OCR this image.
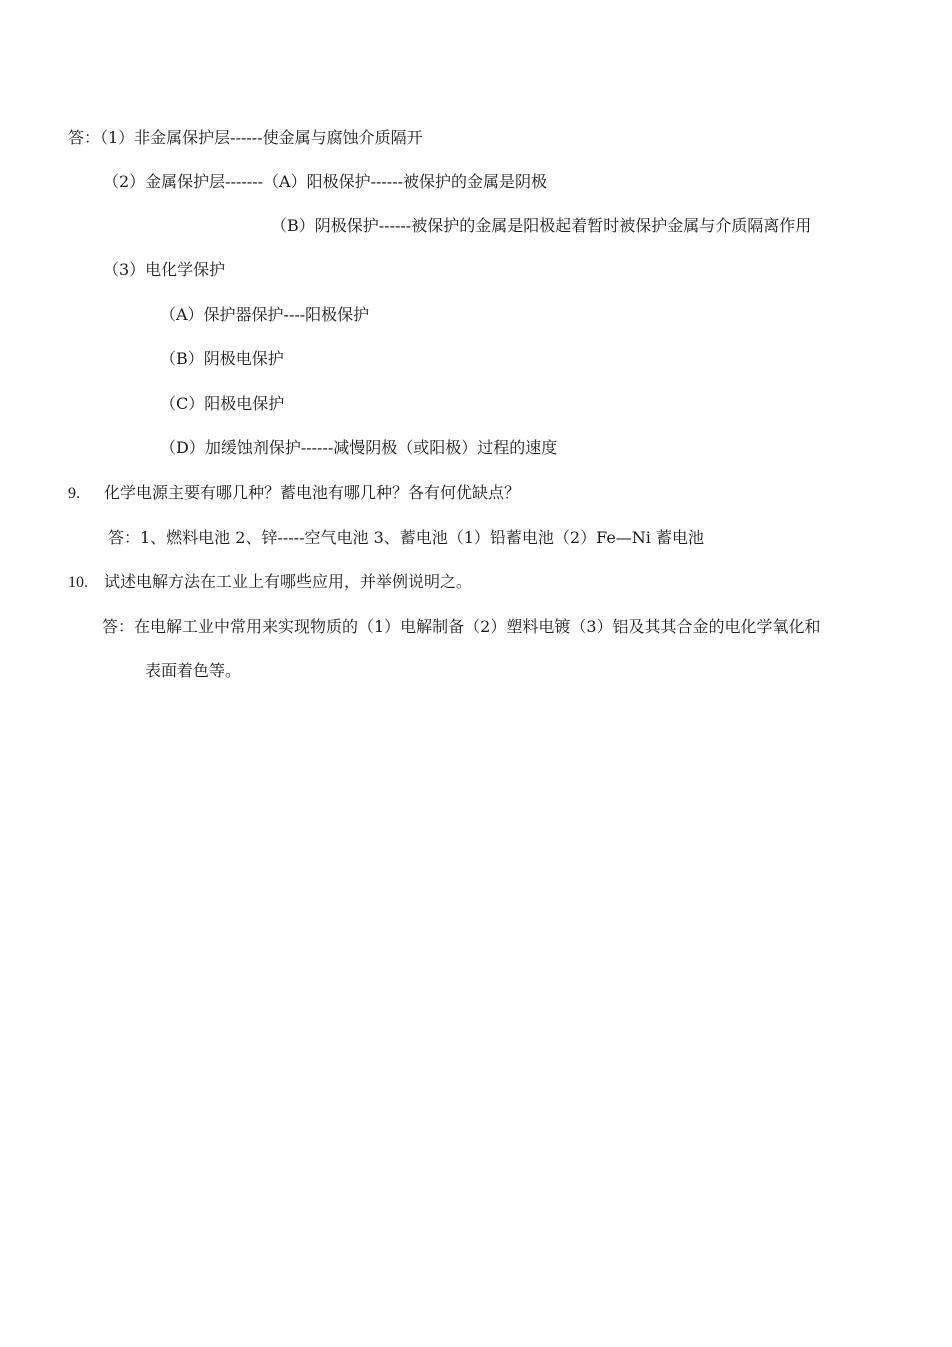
答：（1）非金属保护层------使金属与腐蚀介质隔开
（2）金属保护层-------（A）阳极保护------被保护的金属是阴极
（B）阴极保护------被保护的金属是阳极起着暂时被保护金属与介质隔离作用
（3）电化学保护
（A）保护器保护----阳极保护
（B）阴极电保护
（C）阳极电保护
（D）加缓蚀剂保护------减慢阴极（或阳极）过程的速度
9. 化学电源主要有哪几种？蓄电池有哪几种？各有何优缺点？
答：1、燃料电池 2、锌-----空气电池 3、蓄电池（1）铅蓄电池（2）Fe—Ni 蓄电池
10. 试述电解方法在工业上有哪些应用，并举例说明之。
答：在电解工业中常用来实现物质的（1）电解制备（2）塑料电镀（3）铝及其其合金的电化学氧化和
表面着色等。
